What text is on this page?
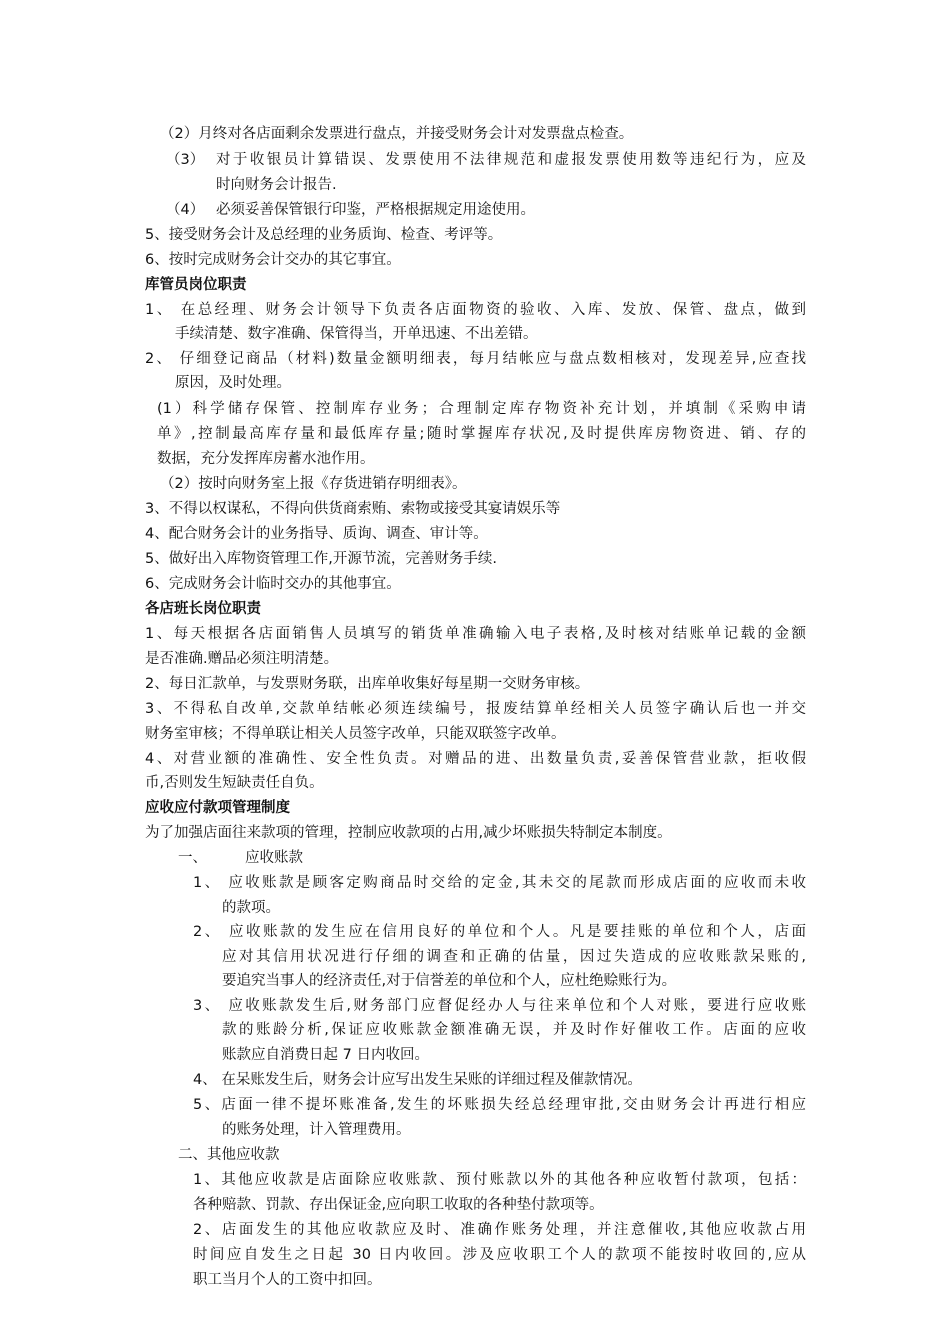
（2）月终对各店面剩余发票进行盘点，并接受财务会计对发票盘点检查。
（3） 对于收银员计算错误、发票使用不法律规范和虚报发票使用数等违纪行为，应及
时向财务会计报告.
（4） 必须妥善保管银行印鉴，严格根据规定用途使用。
5、接受财务会计及总经理的业务质询、检查、考评等。
6、按时完成财务会计交办的其它事宜。
库管员岗位职责
1、 在总经理、财务会计领导下负责各店面物资的验收、入库、发放、保管、盘点，做到
手续清楚、数字准确、保管得当，开单迅速、不出差错。
2、 仔细登记商品（材料)数量金额明细表，每月结帐应与盘点数相核对，发现差异,应查找
原因，及时处理。
(1）科学储存保管、控制库存业务；合理制定库存物资补充计划，并填制《采购申请
单》,控制最高库存量和最低库存量;随时掌握库存状况,及时提供库房物资进、销、存的
数据，充分发挥库房蓄水池作用。
（2）按时向财务室上报《存货进销存明细表》。
3、不得以权谋私，不得向供货商索贿、索物或接受其宴请娱乐等
4、配合财务会计的业务指导、质询、调查、审计等。
5、做好出入库物资管理工作,开源节流，完善财务手续.
6、完成财务会计临时交办的其他事宜。
各店班长岗位职责
1、每天根据各店面销售人员填写的销货单准确输入电子表格,及时核对结账单记载的金额
是否准确.赠品必须注明清楚。
2、每日汇款单，与发票财务联，出库单收集好每星期一交财务审核。
3、不得私自改单,交款单结帐必须连续编号，报废结算单经相关人员签字确认后也一并交
财务室审核；不得单联让相关人员签字改单，只能双联签字改单。
4、对营业额的准确性、安全性负责。对赠品的进、出数量负责,妥善保管营业款，拒收假
币,否则发生短缺责任自负。
应收应付款项管理制度
为了加强店面往来款项的管理，控制应收款项的占用,减少坏账损失特制定本制度。
一、	应收账款
1、 应收账款是顾客定购商品时交给的定金,其未交的尾款而形成店面的应收而未收
的款项。
2、 应收账款的发生应在信用良好的单位和个人。凡是要挂账的单位和个人，店面
应对其信用状况进行仔细的调查和正确的估量，因过失造成的应收账款呆账的,
要追究当事人的经济责任,对于信誉差的单位和个人，应杜绝赊账行为。
3、 应收账款发生后,财务部门应督促经办人与往来单位和个人对账，要进行应收账
款的账龄分析,保证应收账款金额准确无误，并及时作好催收工作。店面的应收
账款应自消费日起 7 日内收回。
4、 在呆账发生后，财务会计应写出发生呆账的详细过程及催款情况。
5、店面一律不提坏账准备,发生的坏账损失经总经理审批,交由财务会计再进行相应
的账务处理，计入管理费用。
二、其他应收款
1、其他应收款是店面除应收账款、预付账款以外的其他各种应收暂付款项，包括：
各种赔款、罚款、存出保证金,应向职工收取的各种垫付款项等。
2、店面发生的其他应收款应及时、准确作账务处理，并注意催收,其他应收款占用
时间应自发生之日起 30 日内收回。涉及应收职工个人的款项不能按时收回的,应从
职工当月个人的工资中扣回。
